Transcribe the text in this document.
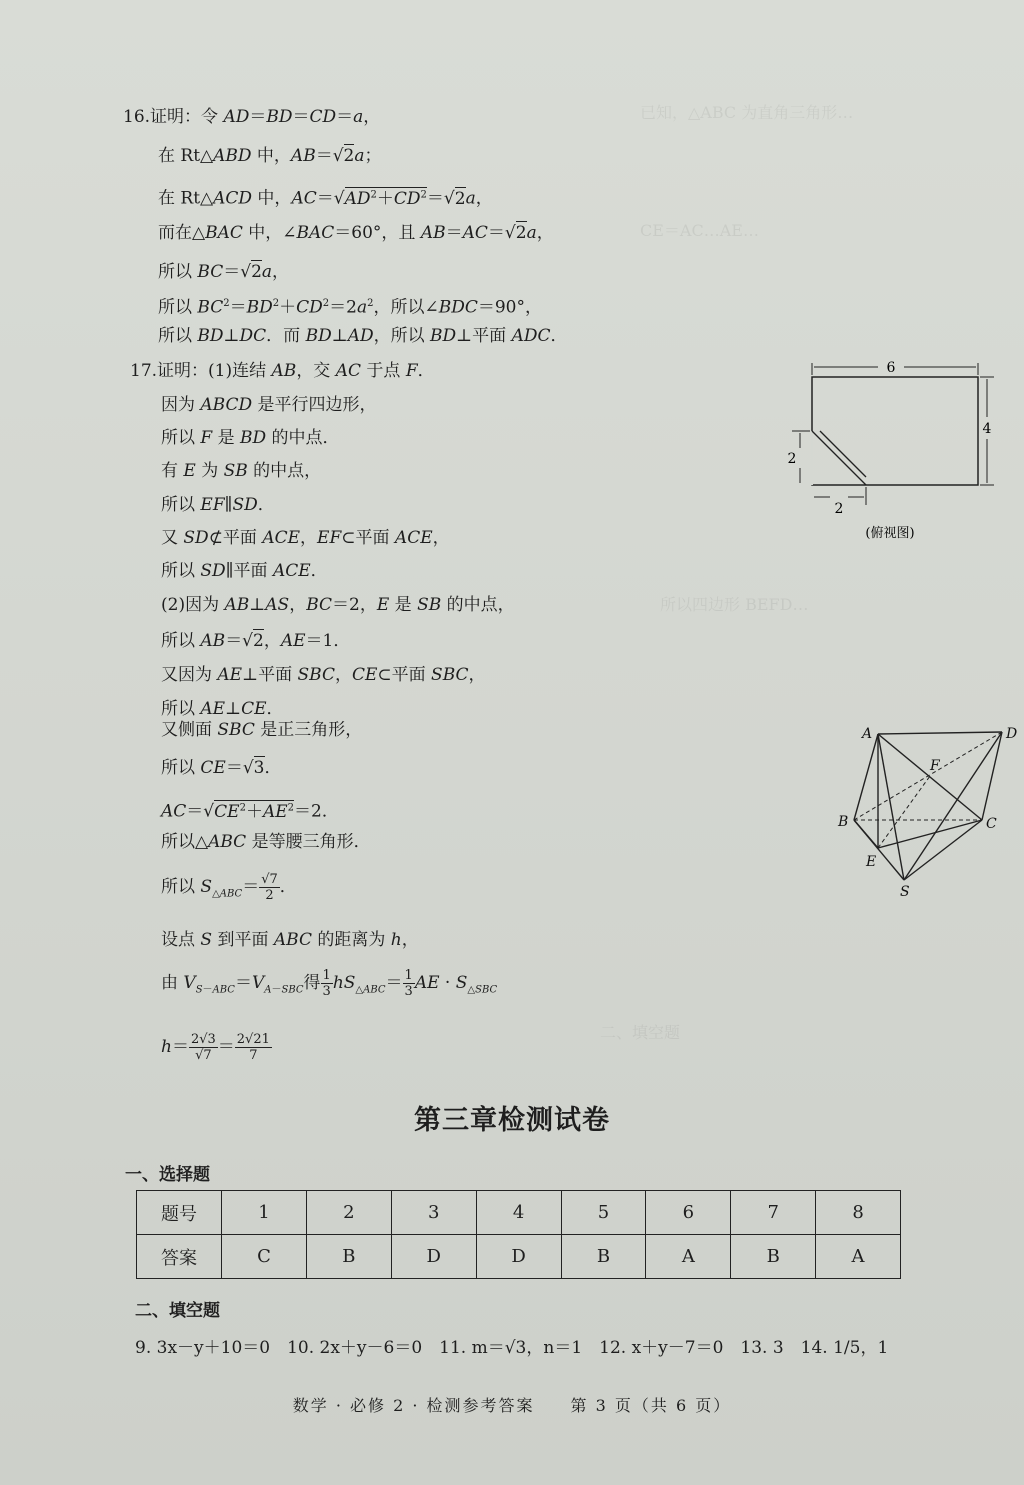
已知，△ABC 为直角三角形…
CE＝AC…AE…
所以四边形 BEFD…
二、填空题
16.证明：令 AD＝BD＝CD＝a，
在 Rt△ABD 中，AB＝√2a；
在 Rt△ACD 中，$AC=√AD^2+CD^2=√2a$，
而在△BAC 中，∠BAC＝60°，且 AB＝AC＝√2a，
所以 BC＝√2a，
所以 $BC^2=BD^2+CD^2=2a^2$，所以∠BDC＝90°，
所以 BD⊥DC．而 BD⊥AD，所以 BD⊥平面 ADC．
17.证明：(1)连结 AB，交 AC 于点 F．
因为 ABCD 是平行四边形，
所以 F 是 BD 的中点．
有 E 为 SB 的中点，
所以 EF∥SD．
又 SD⊄平面 ACE，EF⊂平面 ACE，
所以 SD∥平面 ACE．
(2)因为 AB⊥AS，BC＝2，E 是 SB 的中点，
所以 AB＝√2，AE＝1．
又因为 AE⊥平面 SBC，CE⊂平面 SBC，
所以 AE⊥CE．
又侧面 SBC 是正三角形，
所以 CE＝√3．
$AC=√CE^2+AE^2=2$．
所以△ABC 是等腰三角形．
所以 $S_{\triangle ABC}= \frac{√7}{2}$ ．
设点 S 到平面 ABC 的距离为 h，
由 $V_{S-ABC}=V_{A-SBC}$得 $\frac{1}{3} hS_{\triangle ABC}= \frac{1}{3}$ AE · $S_{\triangle SBC}$
$h= \frac{2√3}{√7} = \frac{2√21}{7}$
6
4
2
2
(俯视图)
A	D
F
B	C
E
S
第三章检测试卷
一、选择题
题号	1	2	3	4	5	6	7	8
答案	C	B	D	D	B	A	B	A
二、填空题
9. 3x－y＋10＝0　10. 2x＋y－6＝0　11. m＝√3，n＝1　12. x＋y－7＝0　13. 3　14. 1/5，1
数学 · 必修 2 · 检测参考答案　　第 3 页（共 6 页）
